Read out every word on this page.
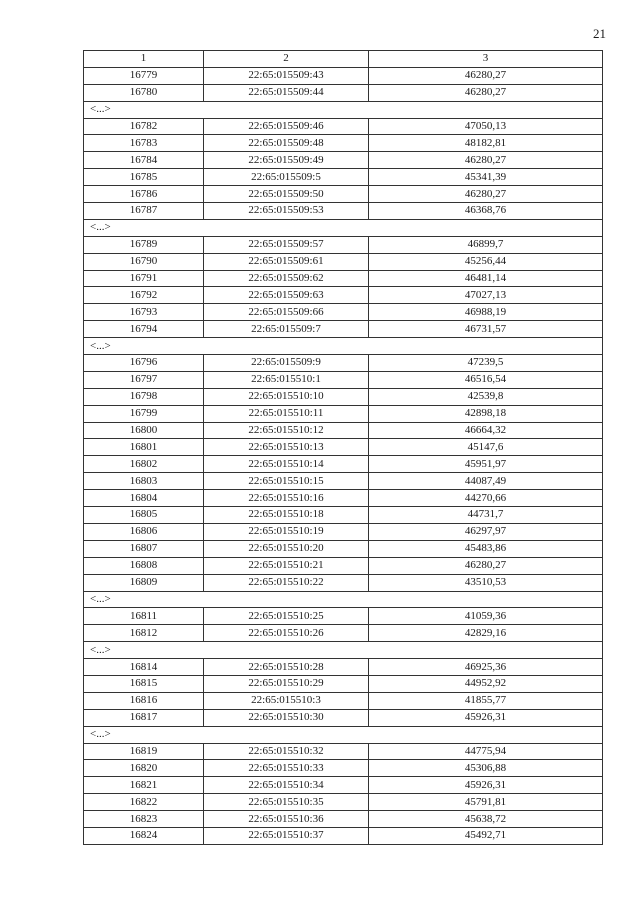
21
1	2	3
16779	22:65:015509:43	46280,27
16780	22:65:015509:44	46280,27
<...>		
16782	22:65:015509:46	47050,13
16783	22:65:015509:48	48182,81
16784	22:65:015509:49	46280,27
16785	22:65:015509:5	45341,39
16786	22:65:015509:50	46280,27
16787	22:65:015509:53	46368,76
<...>		
16789	22:65:015509:57	46899,7
16790	22:65:015509:61	45256,44
16791	22:65:015509:62	46481,14
16792	22:65:015509:63	47027,13
16793	22:65:015509:66	46988,19
16794	22:65:015509:7	46731,57
<...>		
16796	22:65:015509:9	47239,5
16797	22:65:015510:1	46516,54
16798	22:65:015510:10	42539,8
16799	22:65:015510:11	42898,18
16800	22:65:015510:12	46664,32
16801	22:65:015510:13	45147,6
16802	22:65:015510:14	45951,97
16803	22:65:015510:15	44087,49
16804	22:65:015510:16	44270,66
16805	22:65:015510:18	44731,7
16806	22:65:015510:19	46297,97
16807	22:65:015510:20	45483,86
16808	22:65:015510:21	46280,27
16809	22:65:015510:22	43510,53
<...>		
16811	22:65:015510:25	41059,36
16812	22:65:015510:26	42829,16
<...>		
16814	22:65:015510:28	46925,36
16815	22:65:015510:29	44952,92
16816	22:65:015510:3	41855,77
16817	22:65:015510:30	45926,31
<...>		
16819	22:65:015510:32	44775,94
16820	22:65:015510:33	45306,88
16821	22:65:015510:34	45926,31
16822	22:65:015510:35	45791,81
16823	22:65:015510:36	45638,72
16824	22:65:015510:37	45492,71
